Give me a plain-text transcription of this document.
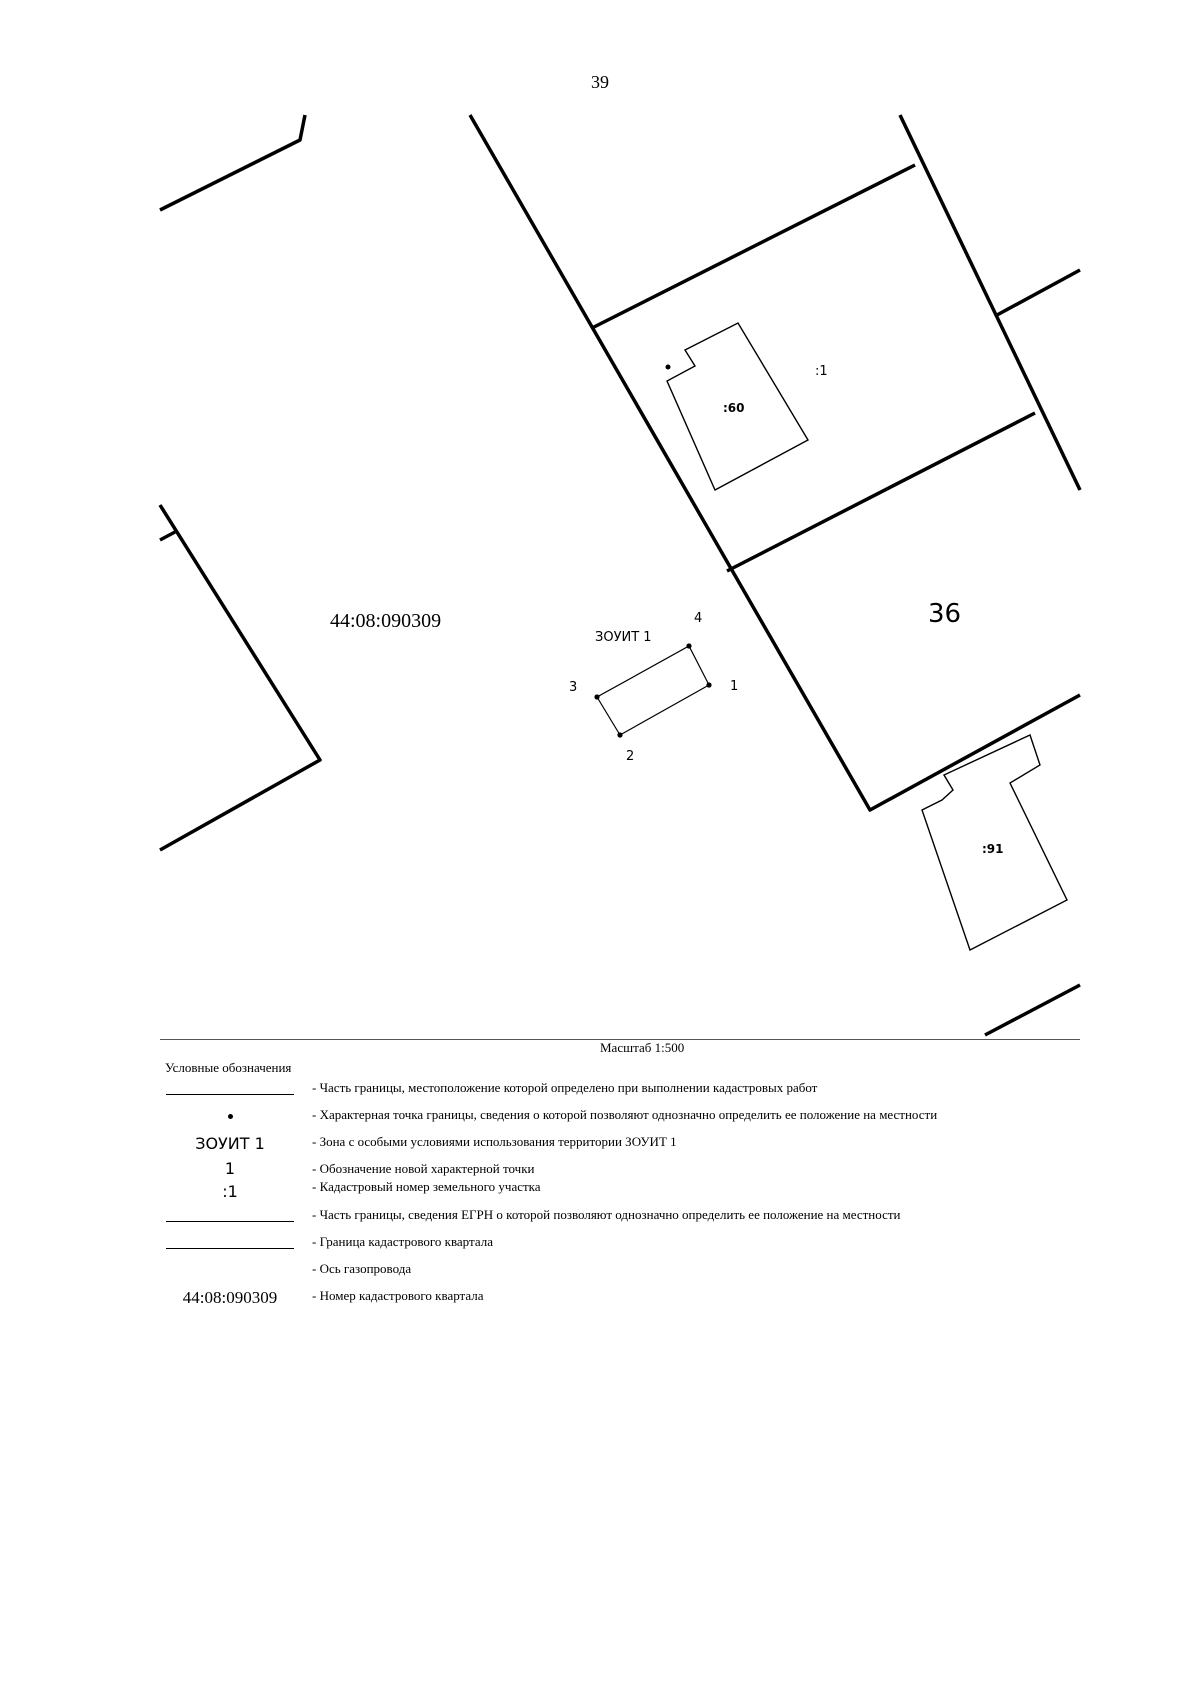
39
1
2
3
4
ЗОУИТ 1
44:08:090309
:1
:60
:91
36
Масштаб 1:500
Условные обозначения
- Часть границы, местоположение которой определено при выполнении кадастровых работ
- Характерная точка границы, сведения о которой позволяют однозначно определить ее положение на местности
ЗОУИТ 1	- Зона с особыми условиями использования территории ЗОУИТ 1
1	- Обозначение новой характерной точки
:1	- Кадастровый номер земельного участка
- Часть границы, сведения ЕГРН о которой позволяют однозначно определить ее положение на местности
- Граница кадастрового квартала
- Ось газопровода
44:08:090309	- Номер кадастрового квартала
